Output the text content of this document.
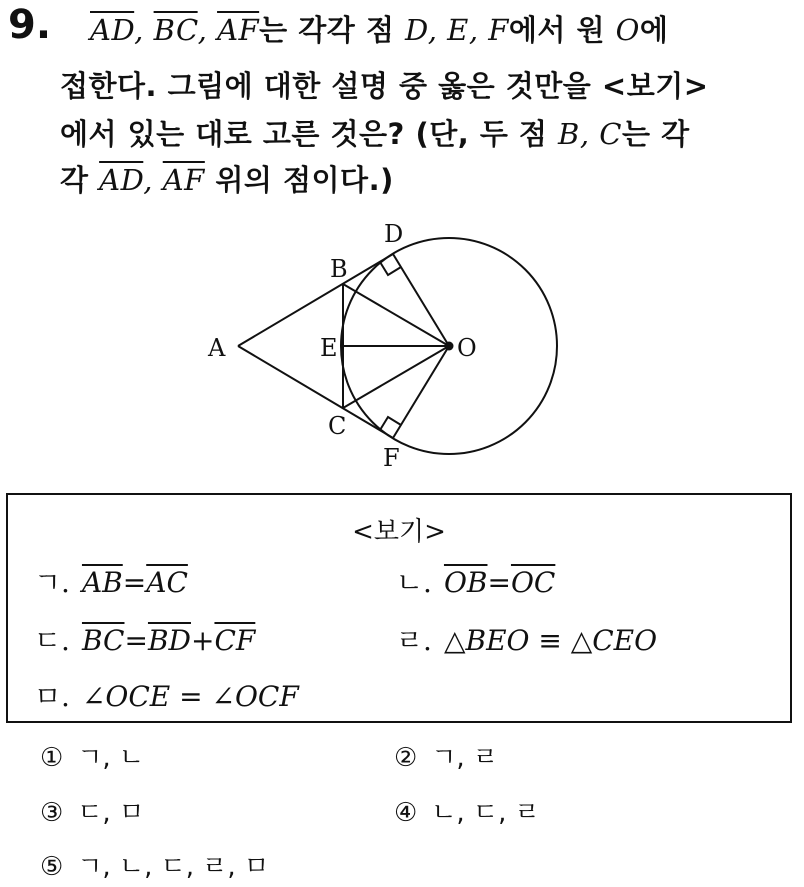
9. $\overline{AD}$, $\overline{BC}$, $\overline{AF}$는 각각 점 D, E, F에서 원 O에
접한다. 그림에 대한 설명 중 옳은 것만을 <보기>
에서 있는 대로 고른 것은? (단, 두 점 B, C는 각
각 $\overline{AD}$, $\overline{AF}$ 위의 점이다.)
D
B
A	E	O
C
F
<보기>
ㄱ. $\overline{AB}=\overline{AC}$	ㄴ. $\overline{OB}=\overline{OC}$
ㄷ. $\overline{BC}=\overline{BD}+\overline{CF}$	ㄹ. △BEO ≡ △CEO
ㅁ. ∠OCE = ∠OCF
① ㄱ, ㄴ	② ㄱ, ㄹ
③ ㄷ, ㅁ	④ ㄴ, ㄷ, ㄹ
⑤ ㄱ, ㄴ, ㄷ, ㄹ, ㅁ
